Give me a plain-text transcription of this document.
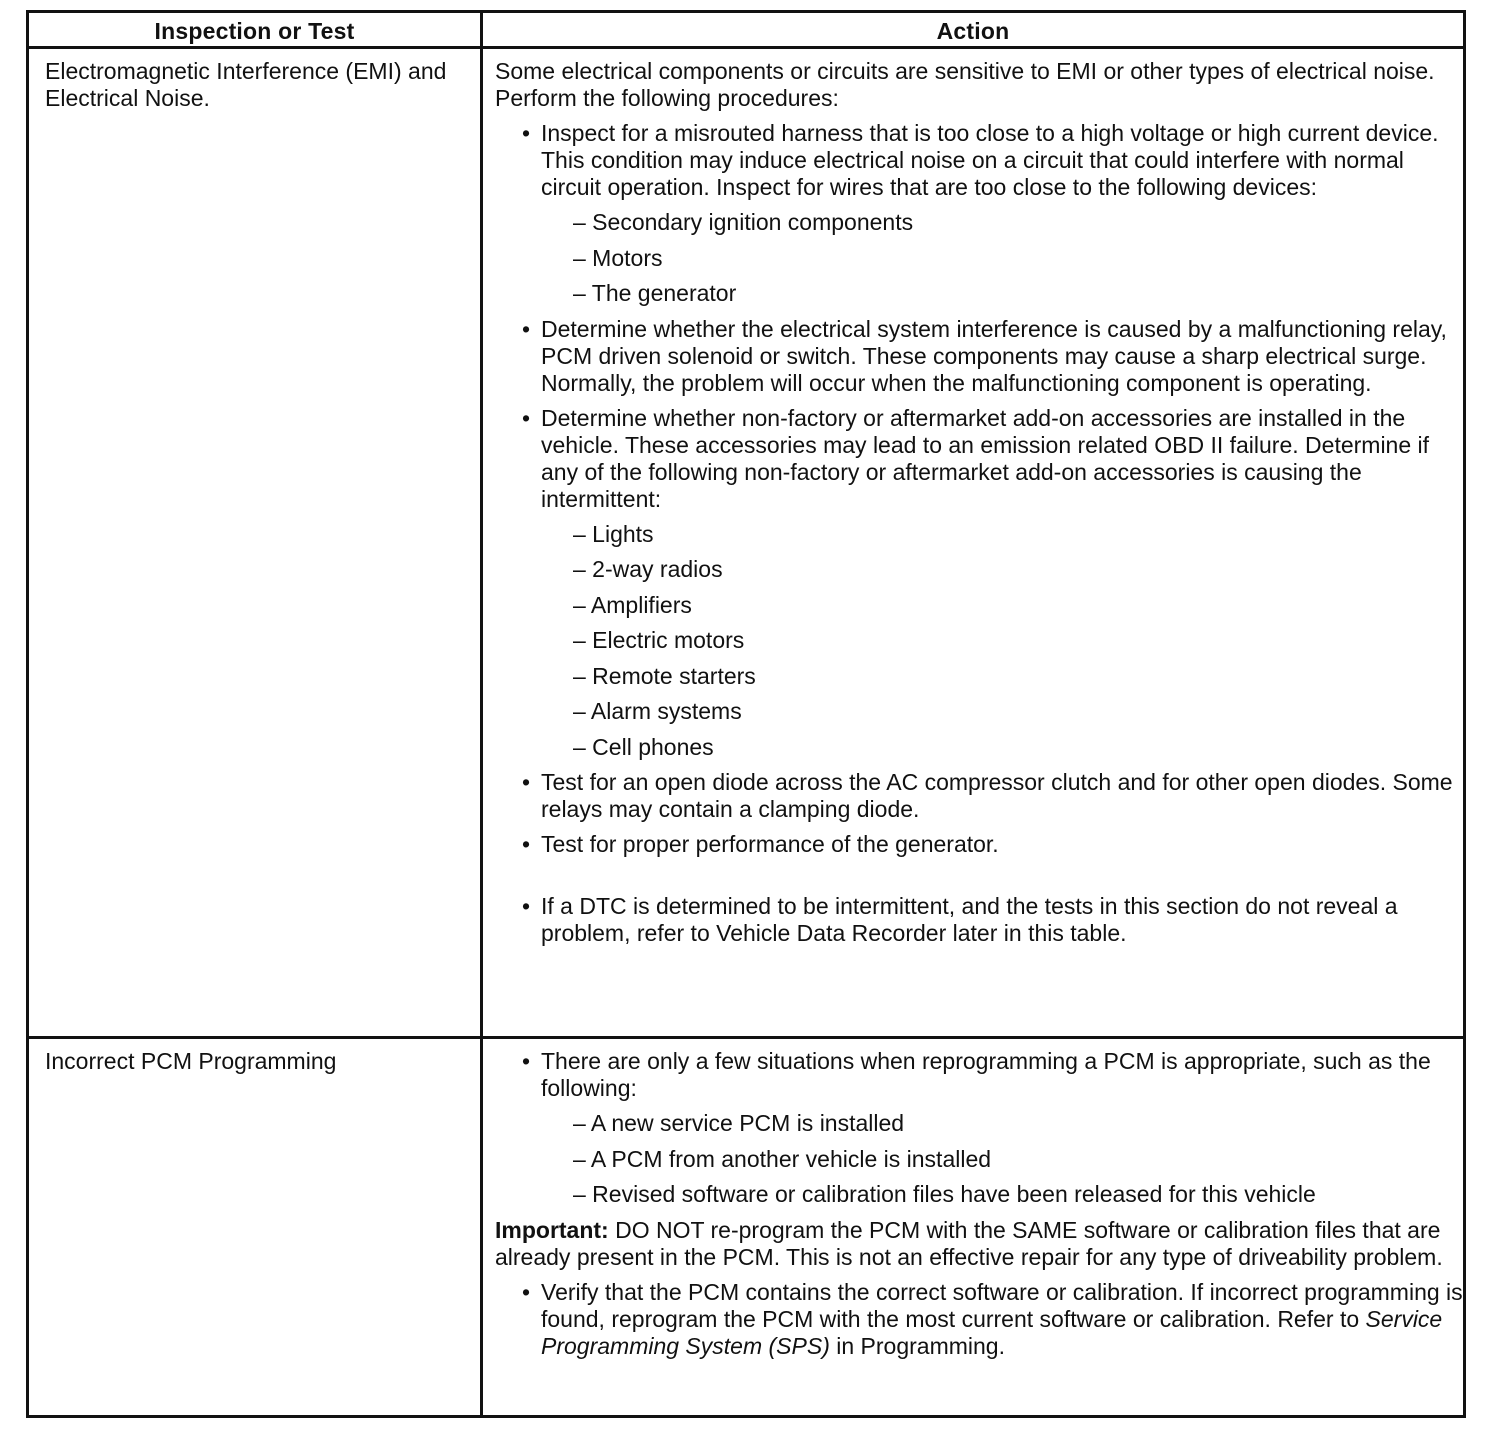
Inspection or Test	Action
Electromagnetic Interference (EMI) and Electrical Noise.

Some electrical components or circuits are sensitive to EMI or other types of electrical noise. Perform the following procedures:

• Inspect for a misrouted harness that is too close to a high voltage or high current device. This condition may induce electrical noise on a circuit that could interfere with normal circuit operation. Inspect for wires that are too close to the following devices:
– Secondary ignition components
– Motors
– The generator
• Determine whether the electrical system interference is caused by a malfunctioning relay, PCM driven solenoid or switch. These components may cause a sharp electrical surge. Normally, the problem will occur when the malfunctioning component is operating.
• Determine whether non-factory or aftermarket add-on accessories are installed in the vehicle. These accessories may lead to an emission related OBD II failure. Determine if any of the following non-factory or aftermarket add-on accessories is causing the intermittent:
– Lights
– 2-way radios
– Amplifiers
– Electric motors
– Remote starters
– Alarm systems
– Cell phones
• Test for an open diode across the AC compressor clutch and for other open diodes. Some relays may contain a clamping diode.
• Test for proper performance of the generator.
• If a DTC is determined to be intermittent, and the tests in this section do not reveal a problem, refer to Vehicle Data Recorder later in this table.
Incorrect PCM Programming	• There are only a few situations when reprogramming a PCM is appropriate, such as the following:
– A new service PCM is installed
– A PCM from another vehicle is installed
– Revised software or calibration files have been released for this vehicle

Important: DO NOT re-program the PCM with the SAME software or calibration files that are already present in the PCM. This is not an effective repair for any type of driveability problem.

• Verify that the PCM contains the correct software or calibration. If incorrect programming is found, reprogram the PCM with the most current software or calibration. Refer to Service Programming System (SPS) in Programming.
